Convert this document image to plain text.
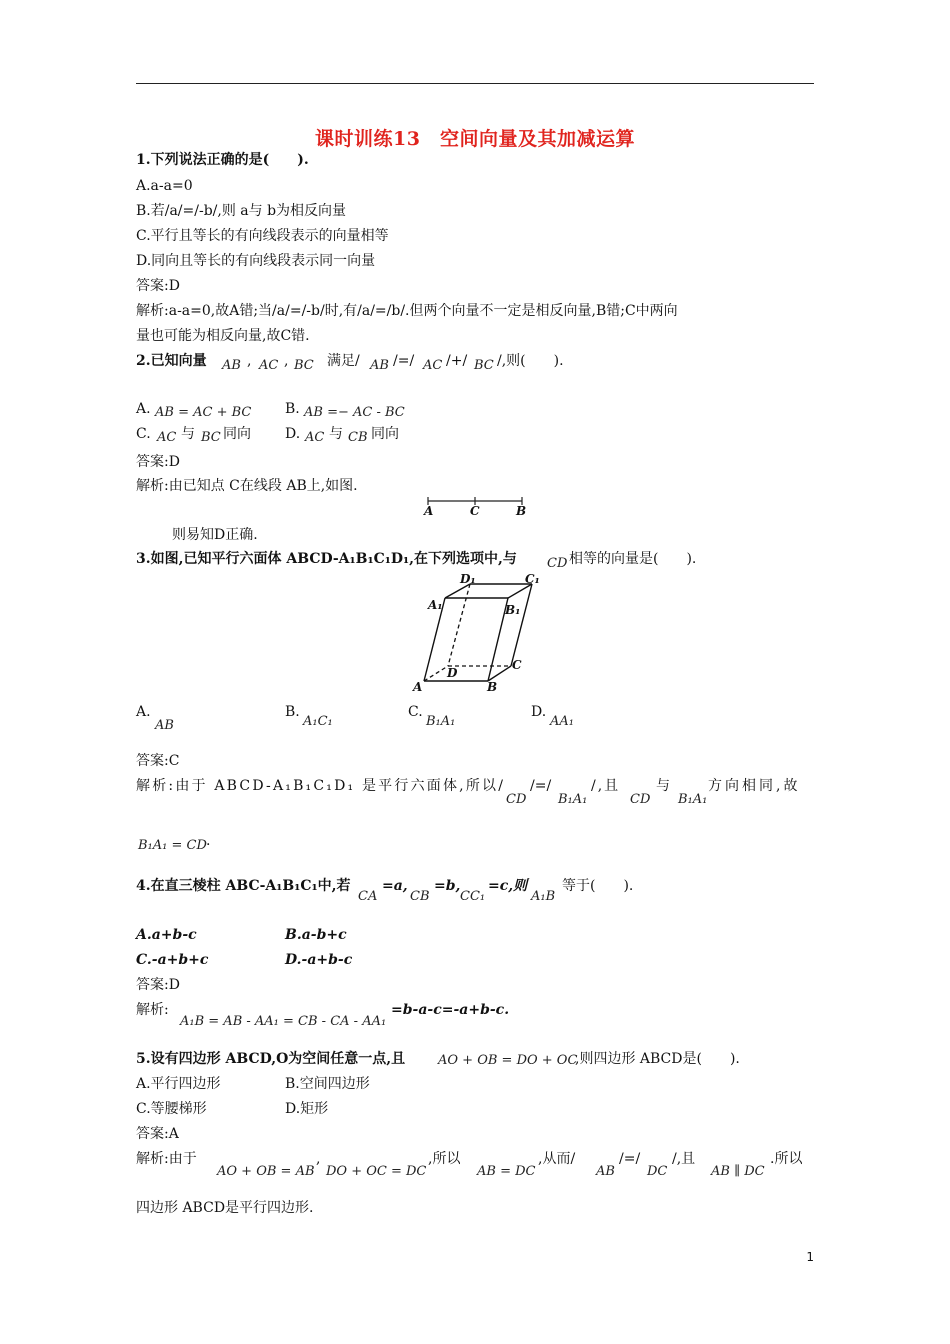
课时训练13　空间向量及其加减运算
1.下列说法正确的是(　　).
A.a-a=0
B.若/a/=/-b/,则 a与 b为相反向量
C.平行且等长的有向线段表示的向量相等
D.同向且等长的有向线段表示同一向量
答案:D
解析:a-a=0,故A错;当/a/=/-b/时,有/a/=/b/.但两个向量不一定是相反向量,B错;C中两向
量也可能为相反向量,故C错.
2.已知向量 AB , AC , BC 满足/ AB /=/ AC /+/ BC /,则(　　).
A. AB = AC + BC B. AB =− AC - BC
C. AC 与 BC 同向 D. AC 与 CB 同向
答案:D
解析:由已知点 C在线段 AB上,如图.
A	C	B
则易知D正确.
3.如图,已知平行六面体 ABCD-A₁B₁C₁D₁,在下列选项中,与 CD 相等的向量是(　　).
D₁	C₁
A₁	B₁
D
C
A	B
A.
AB
B.
A₁C₁
C.
B₁A₁
D.
AA₁
答案:C
解析:由于 ABCD-A₁B₁C₁D₁ 是平行六面体,所以/
CD
/=/
B₁A₁
/,且
CD
与
B₁A₁
方向相同,故
B₁A₁ = CD .
4.在直三棱柱 ABC-A₁B₁C₁中,若
CA
=a,
CB
=b,
CC₁
=c,则
A₁B
等于(　　).
A.a+b-c	B.a-b+c
C.-a+b+c	D.-a+b-c
答案:D
解析:
A₁B = AB - AA₁ = CB - CA - AA₁
=b-a-c=-a+b-c.
5.设有四边形 ABCD,O为空间任意一点,且	AO + OB = DO + OC
,则四边形 ABCD是(　　).
A.平行四边形	B.空间四边形
C.等腰梯形	D.矩形
答案:A
解析:由于
AO + OB = AB
,
DO + OC = DC
,所以
AB = DC
,从而/
AB
/=/
DC
/,且
AB ∥ DC
.所以
四边形 ABCD是平行四边形.
1
